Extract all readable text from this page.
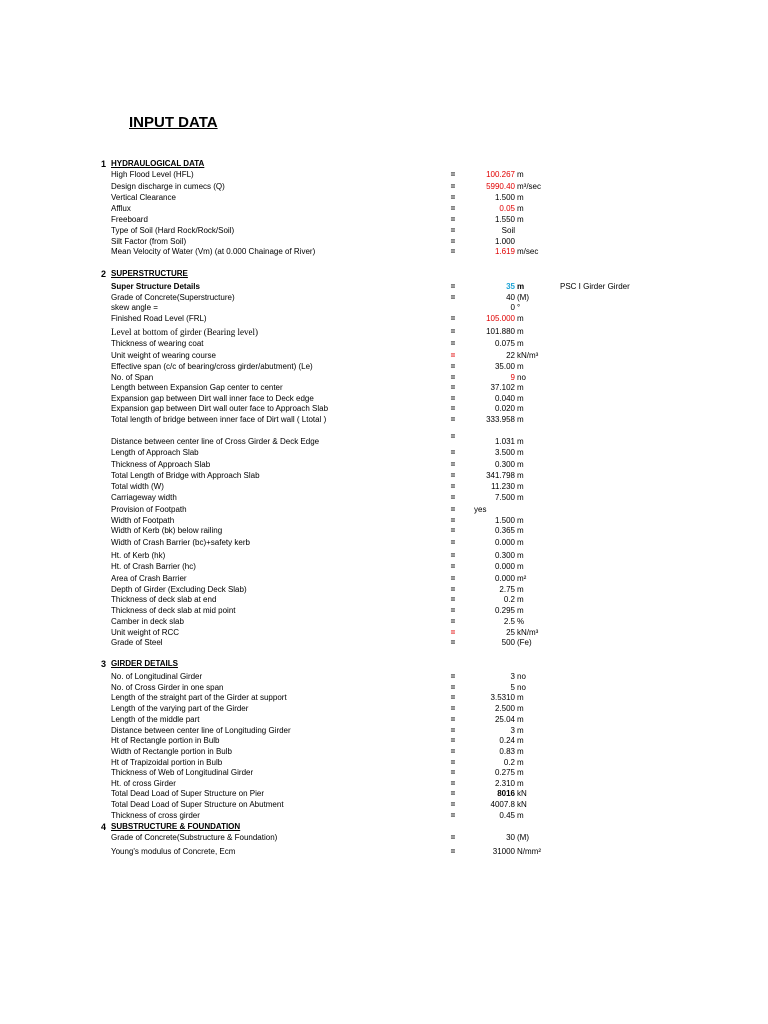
INPUT DATA
1 HYDRAULOGICAL DATA
High Flood Level (HFL)	=	100.267 m
Design discharge in cumecs (Q)	=	5990.40 m³/sec
Vertical Clearance	=	1.500 m
Afflux	=	0.05 m
Freeboard	=	1.550 m
Type of Soil (Hard Rock/Rock/Soil)	=	Soil
Silt Factor (from Soil)	=	1.000
Mean Velocity of Water (Vm) (at 0.000 Chainage of River)	=	1.619 m/sec
2 SUPERSTRUCTURE
Super Structure Details	=	35 m	PSC I Girder Girder
Grade of Concrete(Superstructure)	=	40 (M)
skew angle =	0 °
Finished Road Level (FRL)	=	105.000 m
Level at bottom of girder (Bearing level)	=	101.880 m
Thickness of wearing coat	=	0.075 m
Unit weight of wearing course	=	22 kN/m³
Effective span (c/c of bearing/cross girder/abutment) (Le)	=	35.00 m
No. of Span	=	9 no
Length between Expansion Gap center to center	=	37.102 m
Expansion gap between Dirt wall inner face to Deck edge	=	0.040 m
Expansion gap between Dirt wall outer face to Approach Slab	=	0.020 m
Total length of bridge between inner face of Dirt wall ( Ltotal )	=	333.958 m
=
Distance between center line of Cross Girder & Deck Edge	1.031 m
Length of Approach Slab	=	3.500 m
Thickness of Approach Slab	=	0.300 m
Total Length of Bridge with Approach Slab	=	341.798 m
Total width (W)	=	11.230 m
Carriageway width	=	7.500 m
Provision of Footpath	=	yes
Width of Footpath	=	1.500 m
Width of Kerb (bk) below railing	=	0.365 m
Width of Crash Barrier (bc)+safety kerb	=	0.000 m
Ht. of Kerb (hk)	=	0.300 m
Ht. of Crash Barrier (hc)	=	0.000 m
Area of Crash Barrier	=	0.000 m²
Depth of Girder (Excluding Deck Slab)	=	2.75 m
Thickness of deck slab at end	=	0.2 m
Thickness of deck slab at mid point	=	0.295 m
Camber in deck slab	=	2.5 %
Unit weight of RCC	=	25 kN/m³
Grade of Steel	=	500 (Fe)
3 GIRDER DETAILS
No. of Longitudinal Girder	=	3 no
No. of Cross Girder in one span	=	5 no
Length of the straight part of the Girder at support	=	3.5310 m
Length of the varying part of the Girder	=	2.500 m
Length of the middle part	=	25.04 m
Distance between center line of Longituding Girder	=	3 m
Ht of Rectangle portion in Bulb	=	0.24 m
Width of Rectangle portion in Bulb	=	0.83 m
Ht of Trapizoidal portion in Bulb	=	0.2 m
Thickness of Web of Longitudinal Girder	=	0.275 m
Ht. of cross Girder	=	2.310 m
Total Dead Load of Super Structure on Pier	=	8016 kN
Total Dead Load of Super Structure on Abutment	=	4007.8 kN
Thickness of cross girder	=	0.45 m
4 SUBSTRUCTURE & FOUNDATION
Grade of Concrete(Substructure & Foundation)	=	30 (M)
Young's modulus of Concrete, Ecm	=	31000 N/mm²
